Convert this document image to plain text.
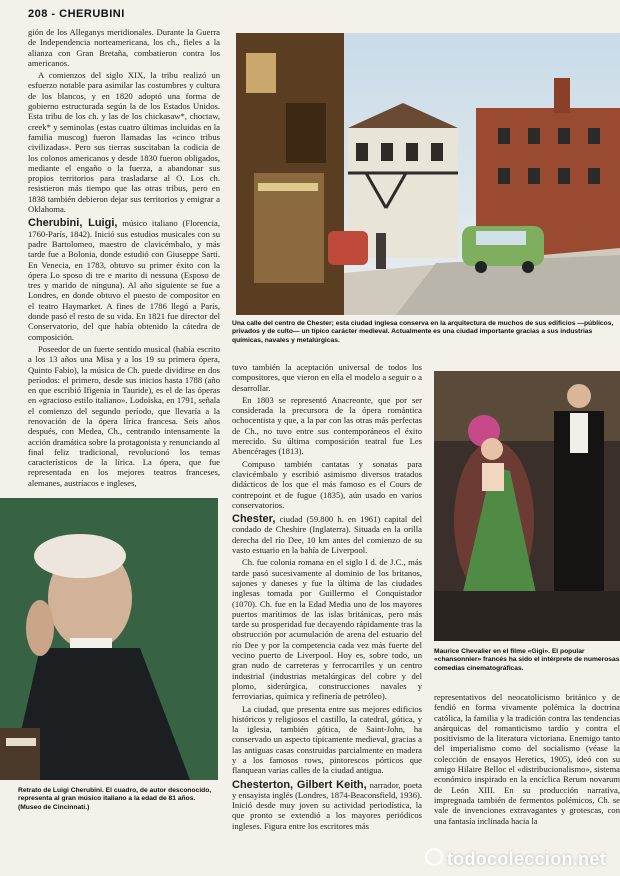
208 - CHERUBINI

gión de los Alleganys meridionales. Durante la Guerra de Independencia norteamericana, los ch., fieles a la alianza con Gran Bretaña, combatieron contra los americanos.

A comienzos del siglo XIX, la tribu realizó un esfuerzo notable para asimilar las costumbres y cultura de los blancos, y en 1820 adoptó una forma de gobierno estructurada según la de los Estados Unidos. Esta tribu de los ch. y las de los chickasaw*, choctaw, creek* y seminolas (estas cuatro últimas incluidas en la familia muscog) fueron llamadas las «cinco tribus civilizadas». Pero sus tierras suscitaban la codicia de los colonos americanos y desde 1830 fueron obligados, mediante el engaño o la fuerza, a abandonar sus propios territorios para trasladarse al O. Los ch. resistieron más tiempo que las otras tribus, pero en 1838 también debieron dejar sus territorios y emigrar a Oklahoma.

Cherubini, Luigi, músico italiano (Florencia, 1760-París, 1842). Inició sus estudios musicales con su padre Bartolomeo, maestro de clavicémbalo, y más tarde fue a Bolonia, donde estudió con Giuseppe Sarti. En Venecia, en 1783, obtuvo su primer éxito con la ópera Lo sposo di tre e marito di nessuna (Esposo de tres y marido de ninguna). Al año siguiente se fue a Londres, en donde obtuvo el puesto de compositor en el teatro Haymarket. A fines de 1786 llegó a París, donde pasó el resto de su vida. En 1821 fue director del Conservatorio, del que había obtenido la cátedra de composición.

Poseedor de un fuerte sentido musical (había escrito a los 13 años una Misa y a los 19 su primera ópera, Quinto Fabio), la música de Ch. puede dividirse en dos períodos: el primero, desde sus inicios hasta 1788 (año en que escribió Ifigenia in Tauride), es el de las óperas en «gracioso estilo italiano». Lodoïska, en 1791, señala el comienzo del segundo período, que llevaría a la renovación de la ópera lírica francesa. Seis años después, con Medea, Ch., centrando intensamente la acción dramática sobre la protagonista y renunciando al final feliz tradicional, revolucionó los temas característicos de la lírica. La ópera, que fue representada en los mejores teatros franceses, alemanes, austríacos e ingleses,

Una calle del centro de Chester; esta ciudad inglesa conserva en la arquitectura de muchos de sus edificios —públicos, privados y de culto— un típico carácter medieval. Actualmente es una ciudad importante gracias a sus industrias químicas, navales y metalúrgicas.

tuvo también la aceptación universal de todos los compositores, que vieron en ella el modelo a seguir o a desarrollar.

En 1803 se representó Anacreonte, que por ser considerada la precursora de la ópera romántica ochocentista y que, a la par con las otras más perfectas de Ch., no tuvo entre sus contemporáneos el éxito merecido. Su última composición teatral fue Les Abencérages (1813).

Compuso también cantatas y sonatas para clavicémbalo y escribió asimismo diversos tratados didácticos de los que el más famoso es el Cours de contrepoint et de fugue (1835), aún usado en varios conservatorios.

Chester, ciudad (59.800 h. en 1961) capital del condado de Cheshire (Inglaterra). Situada en la orilla derecha del río Dee, 10 km antes del comienzo de su vasto estuario en la bahía de Liverpool.

Ch. fue colonia romana en el siglo I d. de J.C., más tarde pasó sucesivamente al dominio de los britanos, sajones y daneses y fue la última de las ciudades inglesas tomada por Guillermo el Conquistador (1070). Ch. fue en la Edad Media uno de los mayores puertos marítimos de las islas británicas, pero más tarde su prosperidad fue decayendo rápidamente tras la obstrucción por acumulación de arena del estuario del río Dee y por la competencia cada vez más fuerte del vecino puerto de Liverpool. Hoy es, sobre todo, un gran nudo de carreteras y ferrocarriles y un centro industrial (industrias metalúrgicas del cobre y del plomo, siderúrgica, construcciones navales y ferroviarias, química y refinería de petróleo).

La ciudad, que presenta entre sus mejores edificios históricos y religiosos el castillo, la catedral, gótica, y la iglesia, también gótica, de Saint-John, ha conservado un aspecto típicamente medieval, gracias a las antiguas casas construidas parcialmente en madera y a los famosos rows, pintorescos pórticos que flanquean varias calles de la ciudad antigua.

Chesterton, Gilbert Keith, narrador, poeta y ensayista inglés (Londres, 1874-Beaconsfield, 1936). Inició desde muy joven su actividad periodística, la que pronto se extendió a los mayores periódicos ingleses. Figura entre los escritores más

Maurice Chevalier en el filme «Gigi». El popular «chansonnier» francés ha sido el intérprete de numerosas comedias cinematográficas.

representativos del neocatolicismo británico y de fendió en forma vivamente polémica la doctrina católica, la familia y la tradición contra las tendencias anárquicas del romanticismo tardío y contra el positivismo de la literatura victoriana. Enemigo tanto del imperialismo como del socialismo (véase la colección de ensayos Heretics, 1905), ideó con su amigo Hilaire Belloc el «distribucionalismo», sistema económico inspirado en la encíclica Rerum novarum de León XIII. En su producción narrativa, impregnada también de fermentos polémicos, Ch. se vale de invenciones extravagantes y grotescas, con una fantasía inclinada hacia la

Retrato de Luigi Cherubini. El cuadro, de autor desconocido, representa al gran músico italiano a la edad de 81 años. (Museo de Cincinnati.)
todocoleccion.net
